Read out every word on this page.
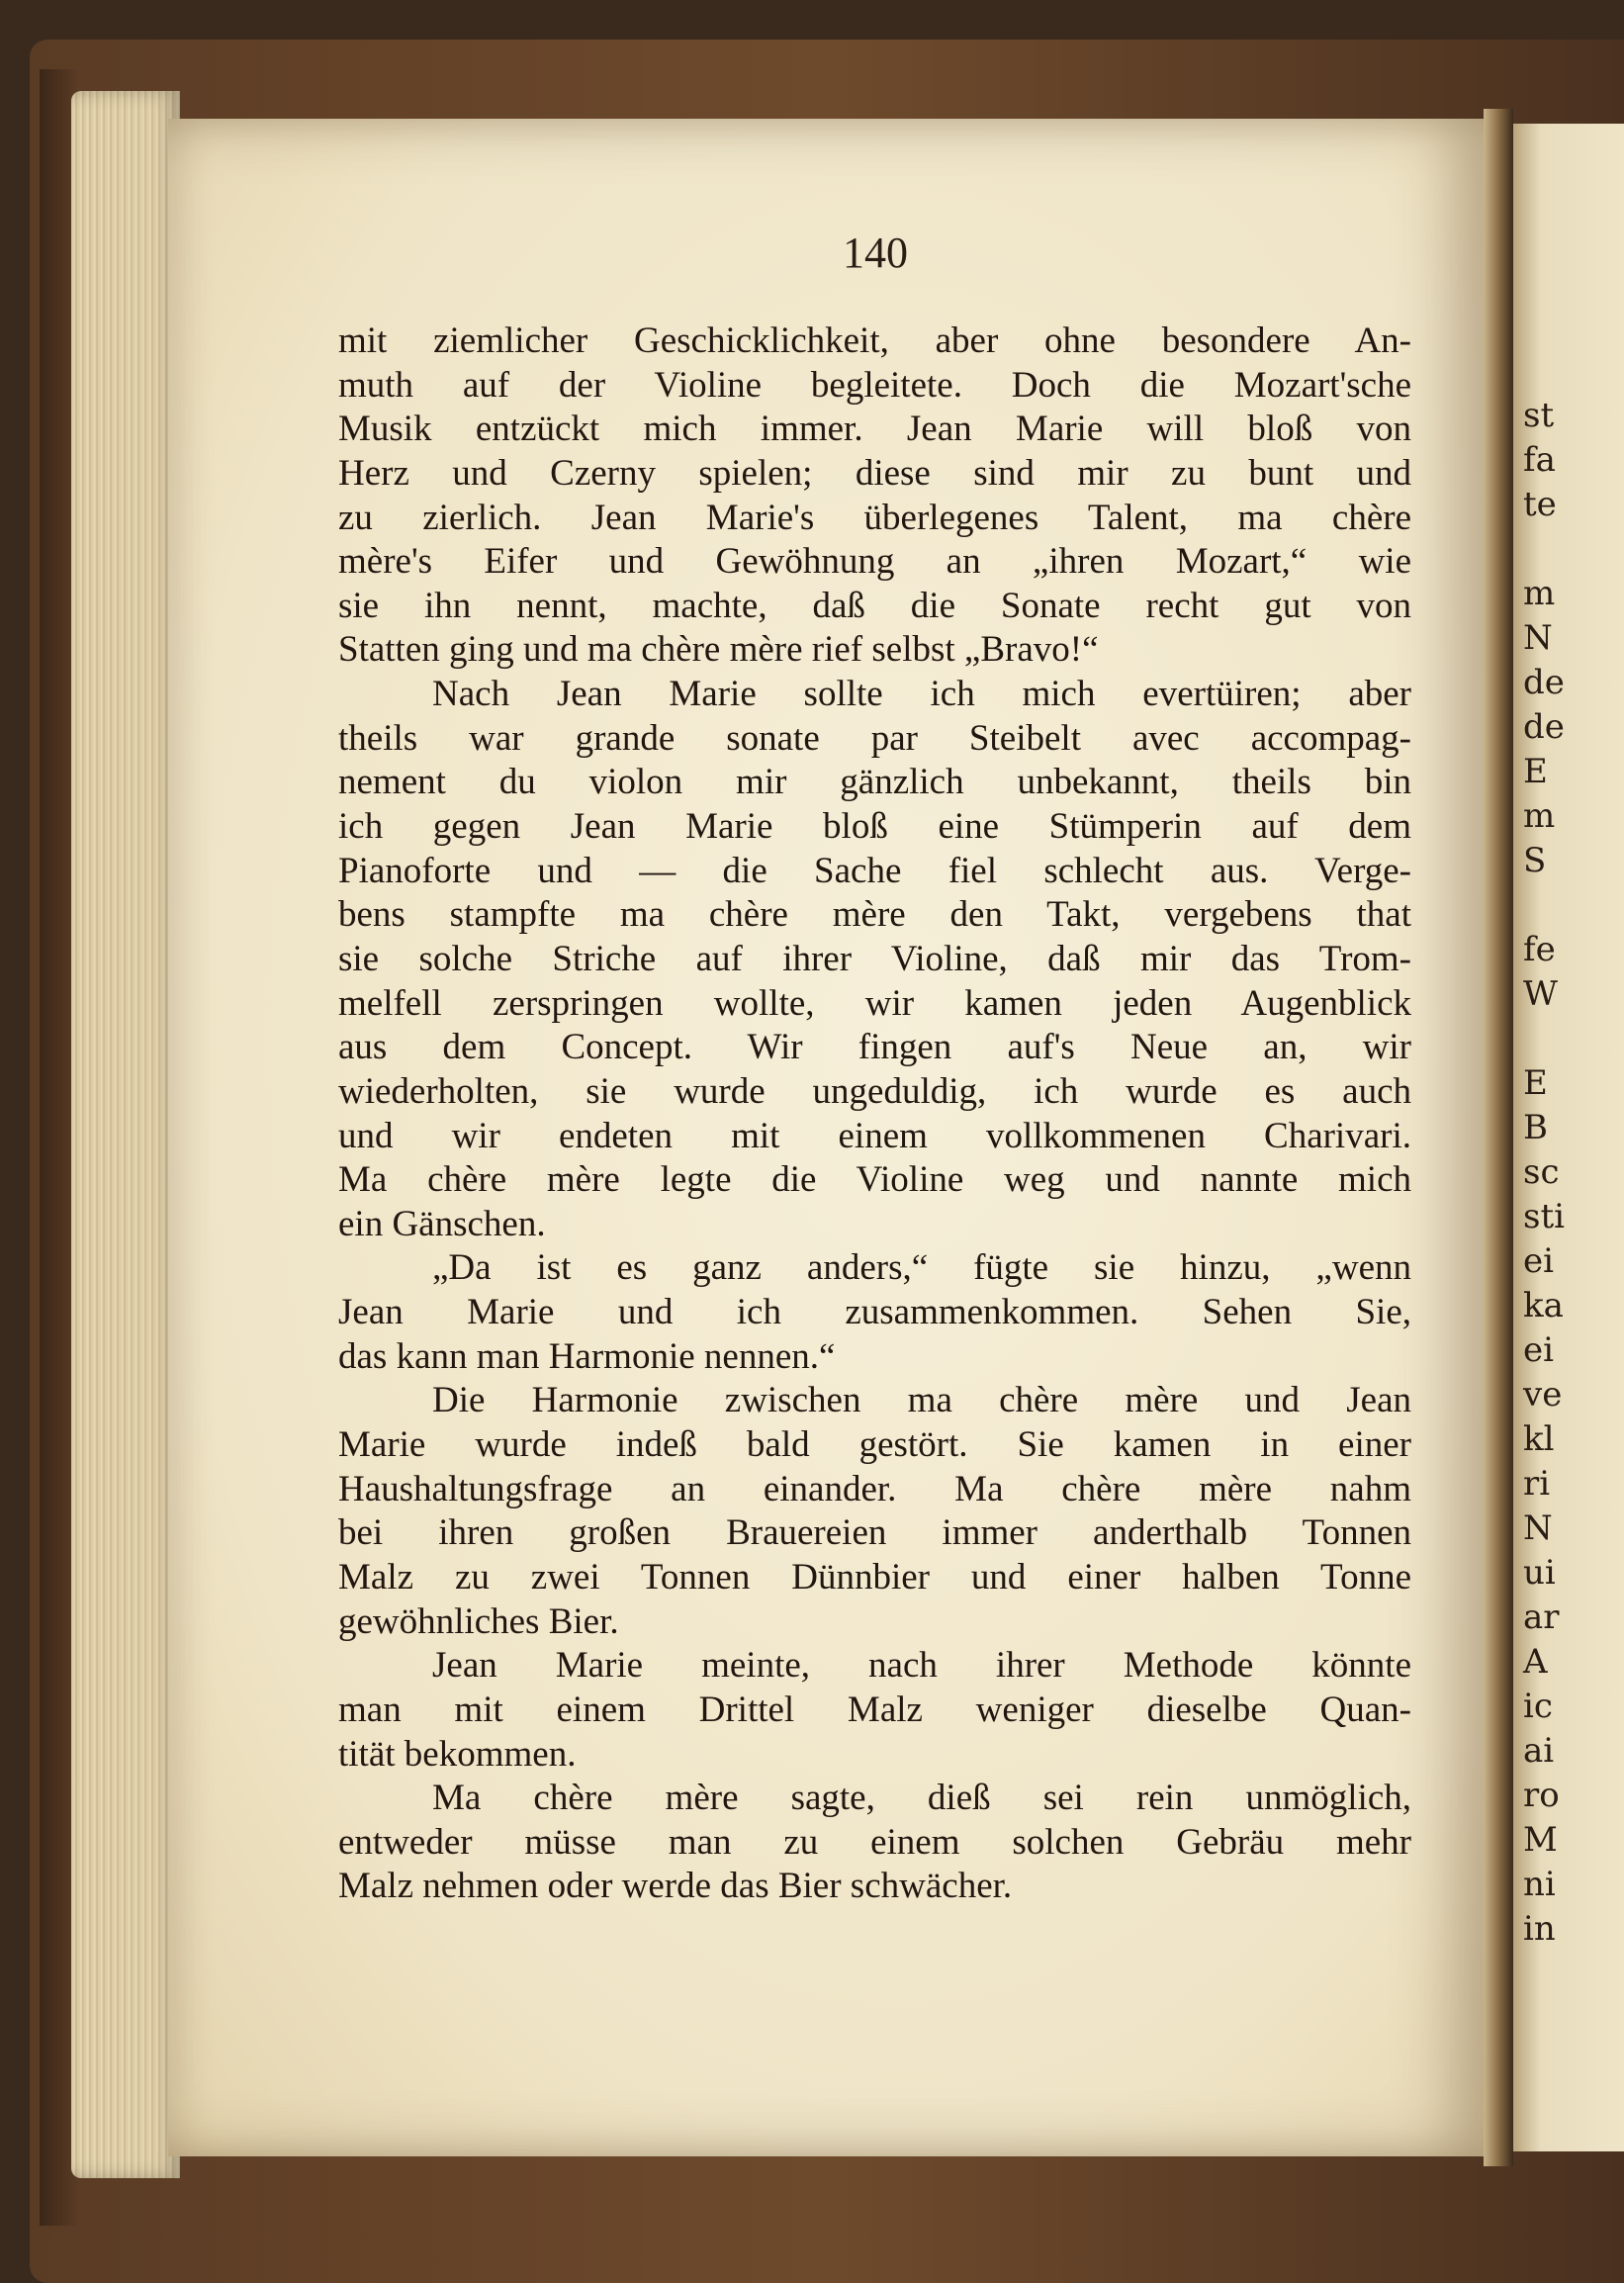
st
fa
te
m
N
de
de
E
m
S
fe
W
E
B
sc
sti
ei
ka
ei
ve
kl
ri
N
ui
ar
A
ic
ai
ro
M
ni
in
140
mit ziemlicher Geschicklichkeit, aber ohne besondere An-
muth auf der Violine begleitete. Doch die Mozart'sche
Musik entzückt mich immer. Jean Marie will bloß von
Herz und Czerny spielen; diese sind mir zu bunt und
zu zierlich. Jean Marie's überlegenes Talent, ma chère
mère's Eifer und Gewöhnung an „ihren Mozart,“ wie
sie ihn nennt, machte, daß die Sonate recht gut von
Statten ging und ma chère mère rief selbst „Bravo!“
Nach Jean Marie sollte ich mich evertüiren; aber
theils war grande sonate par Steibelt avec accompag-
nement du violon mir gänzlich unbekannt, theils bin
ich gegen Jean Marie bloß eine Stümperin auf dem
Pianoforte und — die Sache fiel schlecht aus. Verge-
bens stampfte ma chère mère den Takt, vergebens that
sie solche Striche auf ihrer Violine, daß mir das Trom-
melfell zerspringen wollte, wir kamen jeden Augenblick
aus dem Concept. Wir fingen auf's Neue an, wir
wiederholten, sie wurde ungeduldig, ich wurde es auch
und wir endeten mit einem vollkommenen Charivari.
Ma chère mère legte die Violine weg und nannte mich
ein Gänschen.
„Da ist es ganz anders,“ fügte sie hinzu, „wenn
Jean Marie und ich zusammenkommen. Sehen Sie,
das kann man Harmonie nennen.“
Die Harmonie zwischen ma chère mère und Jean
Marie wurde indeß bald gestört. Sie kamen in einer
Haushaltungsfrage an einander. Ma chère mère nahm
bei ihren großen Brauereien immer anderthalb Tonnen
Malz zu zwei Tonnen Dünnbier und einer halben Tonne
gewöhnliches Bier.
Jean Marie meinte, nach ihrer Methode könnte
man mit einem Drittel Malz weniger dieselbe Quan-
tität bekommen.
Ma chère mère sagte, dieß sei rein unmöglich,
entweder müsse man zu einem solchen Gebräu mehr
Malz nehmen oder werde das Bier schwächer.
